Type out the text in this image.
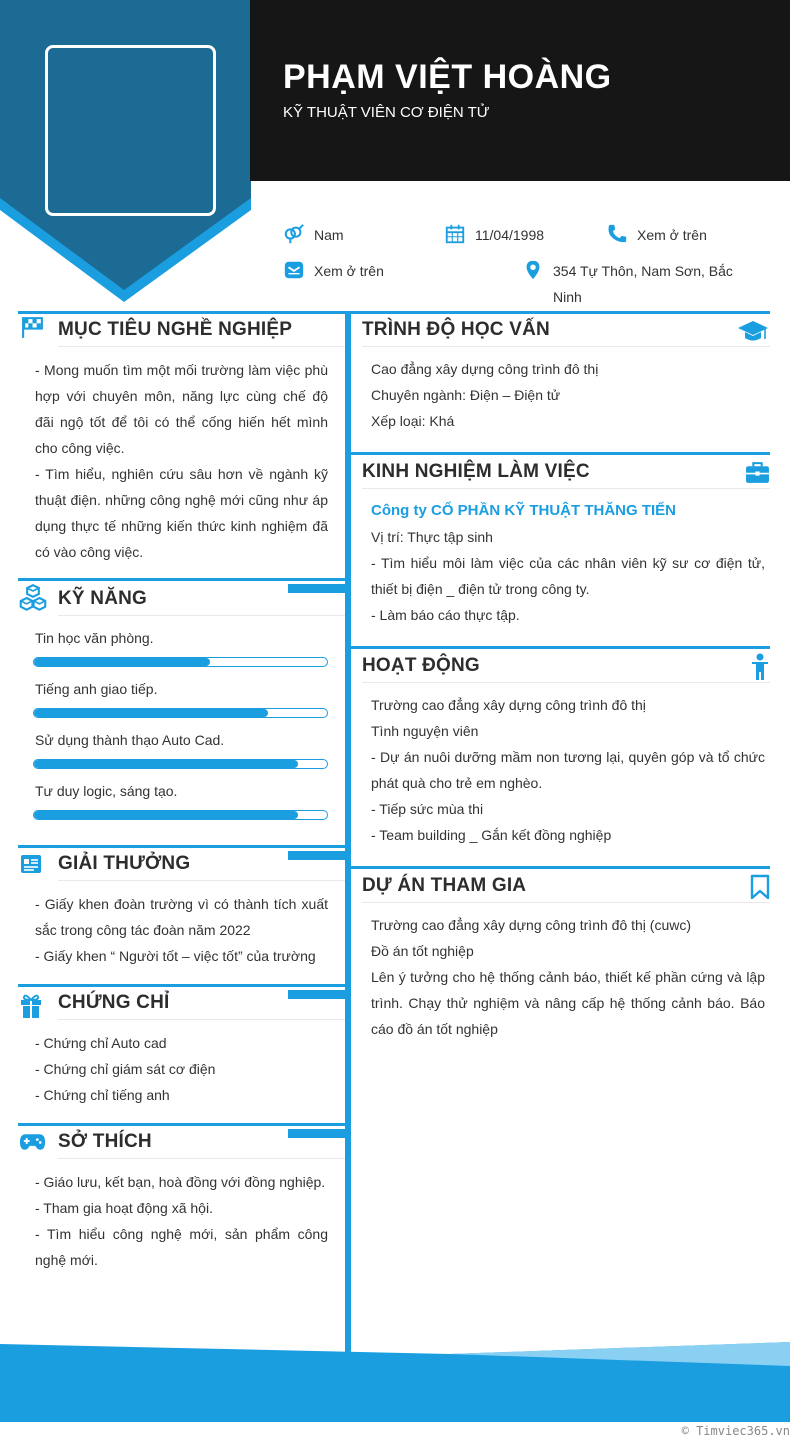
PHẠM VIỆT HOÀNG
KỸ THUẬT VIÊN CƠ ĐIỆN TỬ
Nam	11/04/1998	Xem ở trên
Xem ở trên	354 Tự Thôn, Nam Sơn, Bắc
Ninh
MỤC TIÊU NGHỀ NGHIỆP

- Mong muốn tìm một mối trường làm việc phù hợp với chuyên môn, năng lực cùng chế độ đãi ngộ tốt để tôi có thể cống hiến hết mình cho công việc.

- Tìm hiểu, nghiên cứu sâu hơn về ngành kỹ thuật điện. những công nghệ mới cũng như áp dụng thực tế những kiến thức kinh nghiệm đã có vào công việc.

KỸ NĂNG
Tin học văn phòng.
Tiếng anh giao tiếp.
Sử dụng thành thạo Auto Cad.
Tư duy logic, sáng tạo.
GIẢI THƯỞNG

- Giấy khen đoàn trường vì có thành tích xuất sắc trong công tác đoàn năm 2022

- Giấy khen “ Người tốt – việc tốt” của trường

CHỨNG CHỈ

- Chứng chỉ Auto cad

- Chứng chỉ giám sát cơ điện

- Chứng chỉ tiếng anh

SỞ THÍCH

- Giáo lưu, kết bạn, hoà đồng với đồng nghiệp.

- Tham gia hoạt động xã hội.

- Tìm hiểu công nghệ mới, sản phẩm công nghệ mới.

TRÌNH ĐỘ HỌC VẤN

Cao đẳng xây dựng công trình đô thị

Chuyên ngành: Điện – Điện tử

Xếp loại: Khá

KINH NGHIỆM LÀM VIỆC

Công ty CỔ PHẦN KỸ THUẬT THĂNG TIẾN

Vị trí: Thực tập sinh

- Tìm hiểu môi làm việc của các nhân viên kỹ sư cơ điện tử, thiết bị điện _ điện tử trong công ty.

- Làm báo cáo thực tập.

HOẠT ĐỘNG

Trường cao đẳng xây dựng công trình đô thị

Tình nguyện viên

- Dự án nuôi dưỡng mầm non tương lại, quyên góp và tổ chức phát quà cho trẻ em nghèo.

- Tiếp sức mùa thi

- Team building _ Gắn kết đồng nghiệp

DỰ ÁN THAM GIA

Trường cao đẳng xây dựng công trình đô thị (cuwc)

Đồ án tốt nghiệp

Lên ý tưởng cho hệ thống cảnh báo, thiết kế phần cứng và lập trình. Chạy thử nghiệm và nâng cấp hệ thống cảnh báo. Báo cáo đồ án tốt nghiệp

© Timviec365.vn
